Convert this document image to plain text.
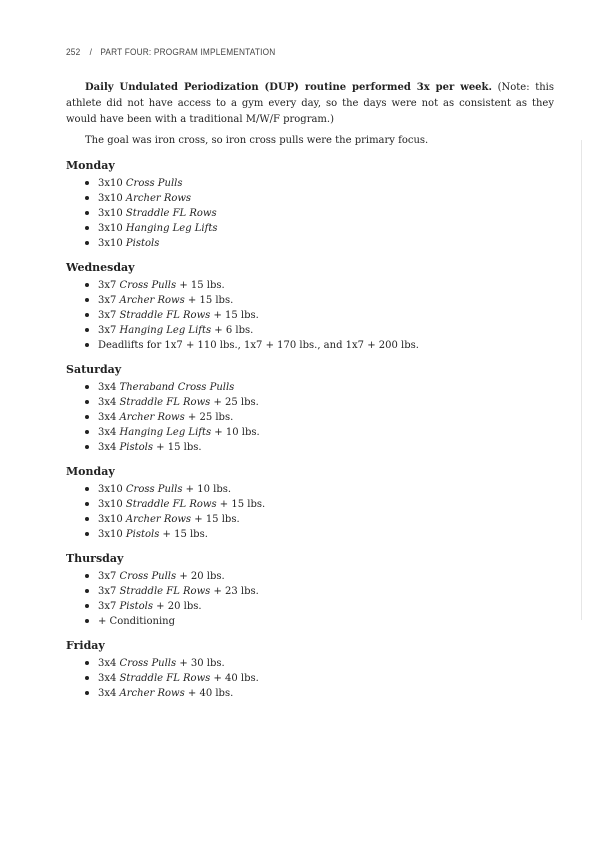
252 / PART FOUR: PROGRAM IMPLEMENTATION

Daily Undulated Periodization (DUP) routine performed 3x per week. (Note: this athlete did not have access to a gym every day, so the days were not as consistent as they would have been with a traditional M/W/F program.)

The goal was iron cross, so iron cross pulls were the primary focus.

Monday
3x10 Cross Pulls
3x10 Archer Rows
3x10 Straddle FL Rows
3x10 Hanging Leg Lifts
3x10 Pistols
Wednesday
3x7 Cross Pulls + 15 lbs.
3x7 Archer Rows + 15 lbs.
3x7 Straddle FL Rows + 15 lbs.
3x7 Hanging Leg Lifts + 6 lbs.
Deadlifts for 1x7 + 110 lbs., 1x7 + 170 lbs., and 1x7 + 200 lbs.
Saturday
3x4 Theraband Cross Pulls
3x4 Straddle FL Rows + 25 lbs.
3x4 Archer Rows + 25 lbs.
3x4 Hanging Leg Lifts + 10 lbs.
3x4 Pistols + 15 lbs.
Monday
3x10 Cross Pulls + 10 lbs.
3x10 Straddle FL Rows + 15 lbs.
3x10 Archer Rows + 15 lbs.
3x10 Pistols + 15 lbs.
Thursday
3x7 Cross Pulls + 20 lbs.
3x7 Straddle FL Rows + 23 lbs.
3x7 Pistols + 20 lbs.
+ Conditioning
Friday
3x4 Cross Pulls + 30 lbs.
3x4 Straddle FL Rows + 40 lbs.
3x4 Archer Rows + 40 lbs.
